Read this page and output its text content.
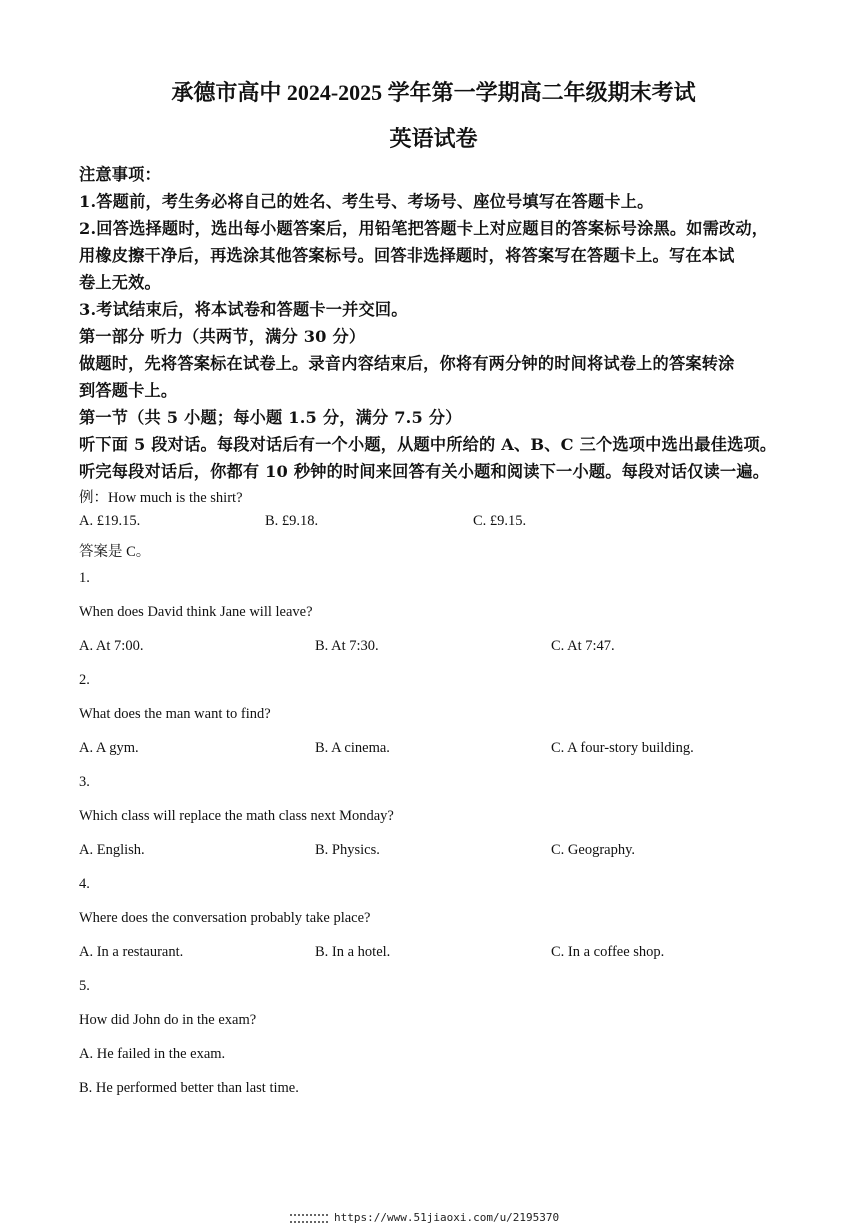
承德市高中 2024-2025 学年第一学期高二年级期末考试
英语试卷
注意事项：
1.答题前，考生务必将自己的姓名、考生号、考场号、座位号填写在答题卡上。
2.回答选择题时，选出每小题答案后，用铅笔把答题卡上对应题目的答案标号涂黑。如需改动，
用橡皮擦干净后，再选涂其他答案标号。回答非选择题时，将答案写在答题卡上。写在本试
卷上无效。
3.考试结束后，将本试卷和答题卡一并交回。
第一部分 听力（共两节，满分 30 分）
做题时，先将答案标在试卷上。录音内容结束后，你将有两分钟的时间将试卷上的答案转涂
到答题卡上。
第一节（共 5 小题；每小题 1.5 分，满分 7.5 分）
听下面 5 段对话。每段对话后有一个小题，从题中所给的 A、B、C 三个选项中选出最佳选项。
听完每段对话后，你都有 10 秒钟的时间来回答有关小题和阅读下一小题。每段对话仅读一遍。
例：How much is the shirt?
A. £19.15.	B. £9.18.	C. £9.15.
答案是 C。
1.
When does David think Jane will leave?
A. At 7:00.	B. At 7:30.	C. At 7:47.
2.
What does the man want to find?
A. A gym.	B. A cinema.	C. A four-story building.
3.
Which class will replace the math class next Monday?
A. English.	B. Physics.	C. Geography.
4.
Where does the conversation probably take place?
A. In a restaurant.	B. In a hotel.	C. In a coffee shop.
5.
How did John do in the exam?
A. He failed in the exam.
B. He performed better than last time.
https://www.51jiaoxi.com/u/2195370
